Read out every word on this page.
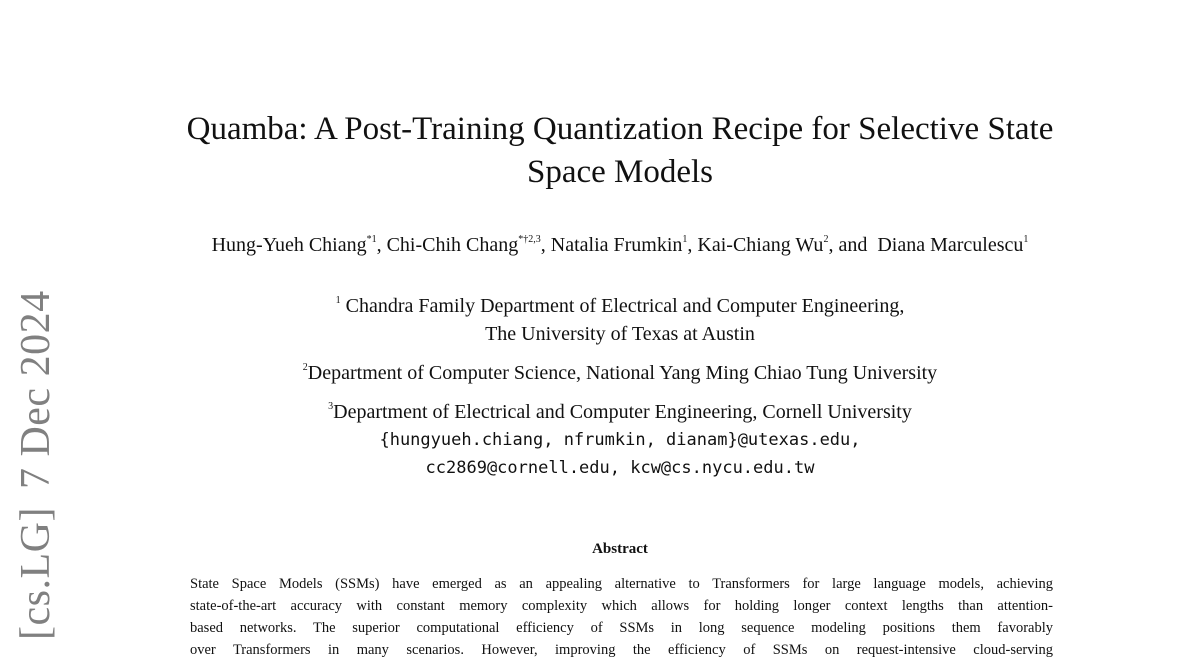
[cs.LG]7 Dec 2024
Quamba: A Post-Training Quantization Recipe for Selective State
Space Models
Hung-Yueh Chiang$^{*1}$, Chi-Chih Chang$^{*\dagger 2,3}$, Natalia Frumkin$^1$, Kai-Chiang Wu$^2$, and  Diana Marculescu$^1$
$^1$ Chandra Family Department of Electrical and Computer Engineering,
The University of Texas at Austin
$^2$Department of Computer Science, National Yang Ming Chiao Tung University
$^3$Department of Electrical and Computer Engineering, Cornell University
{hungyueh.chiang, nfrumkin, dianam}@utexas.edu,
cc2869@cornell.edu, kcw@cs.nycu.edu.tw
Abstract
State Space Models (SSMs) have emerged as an appealing alternative to Transformers for large language models, achieving
state-of-the-art accuracy with constant memory complexity which allows for holding longer context lengths than attention-
based networks. The superior computational efficiency of SSMs in long sequence modeling positions them favorably
over Transformers in many scenarios. However, improving the efficiency of SSMs on request-intensive cloud-serving
